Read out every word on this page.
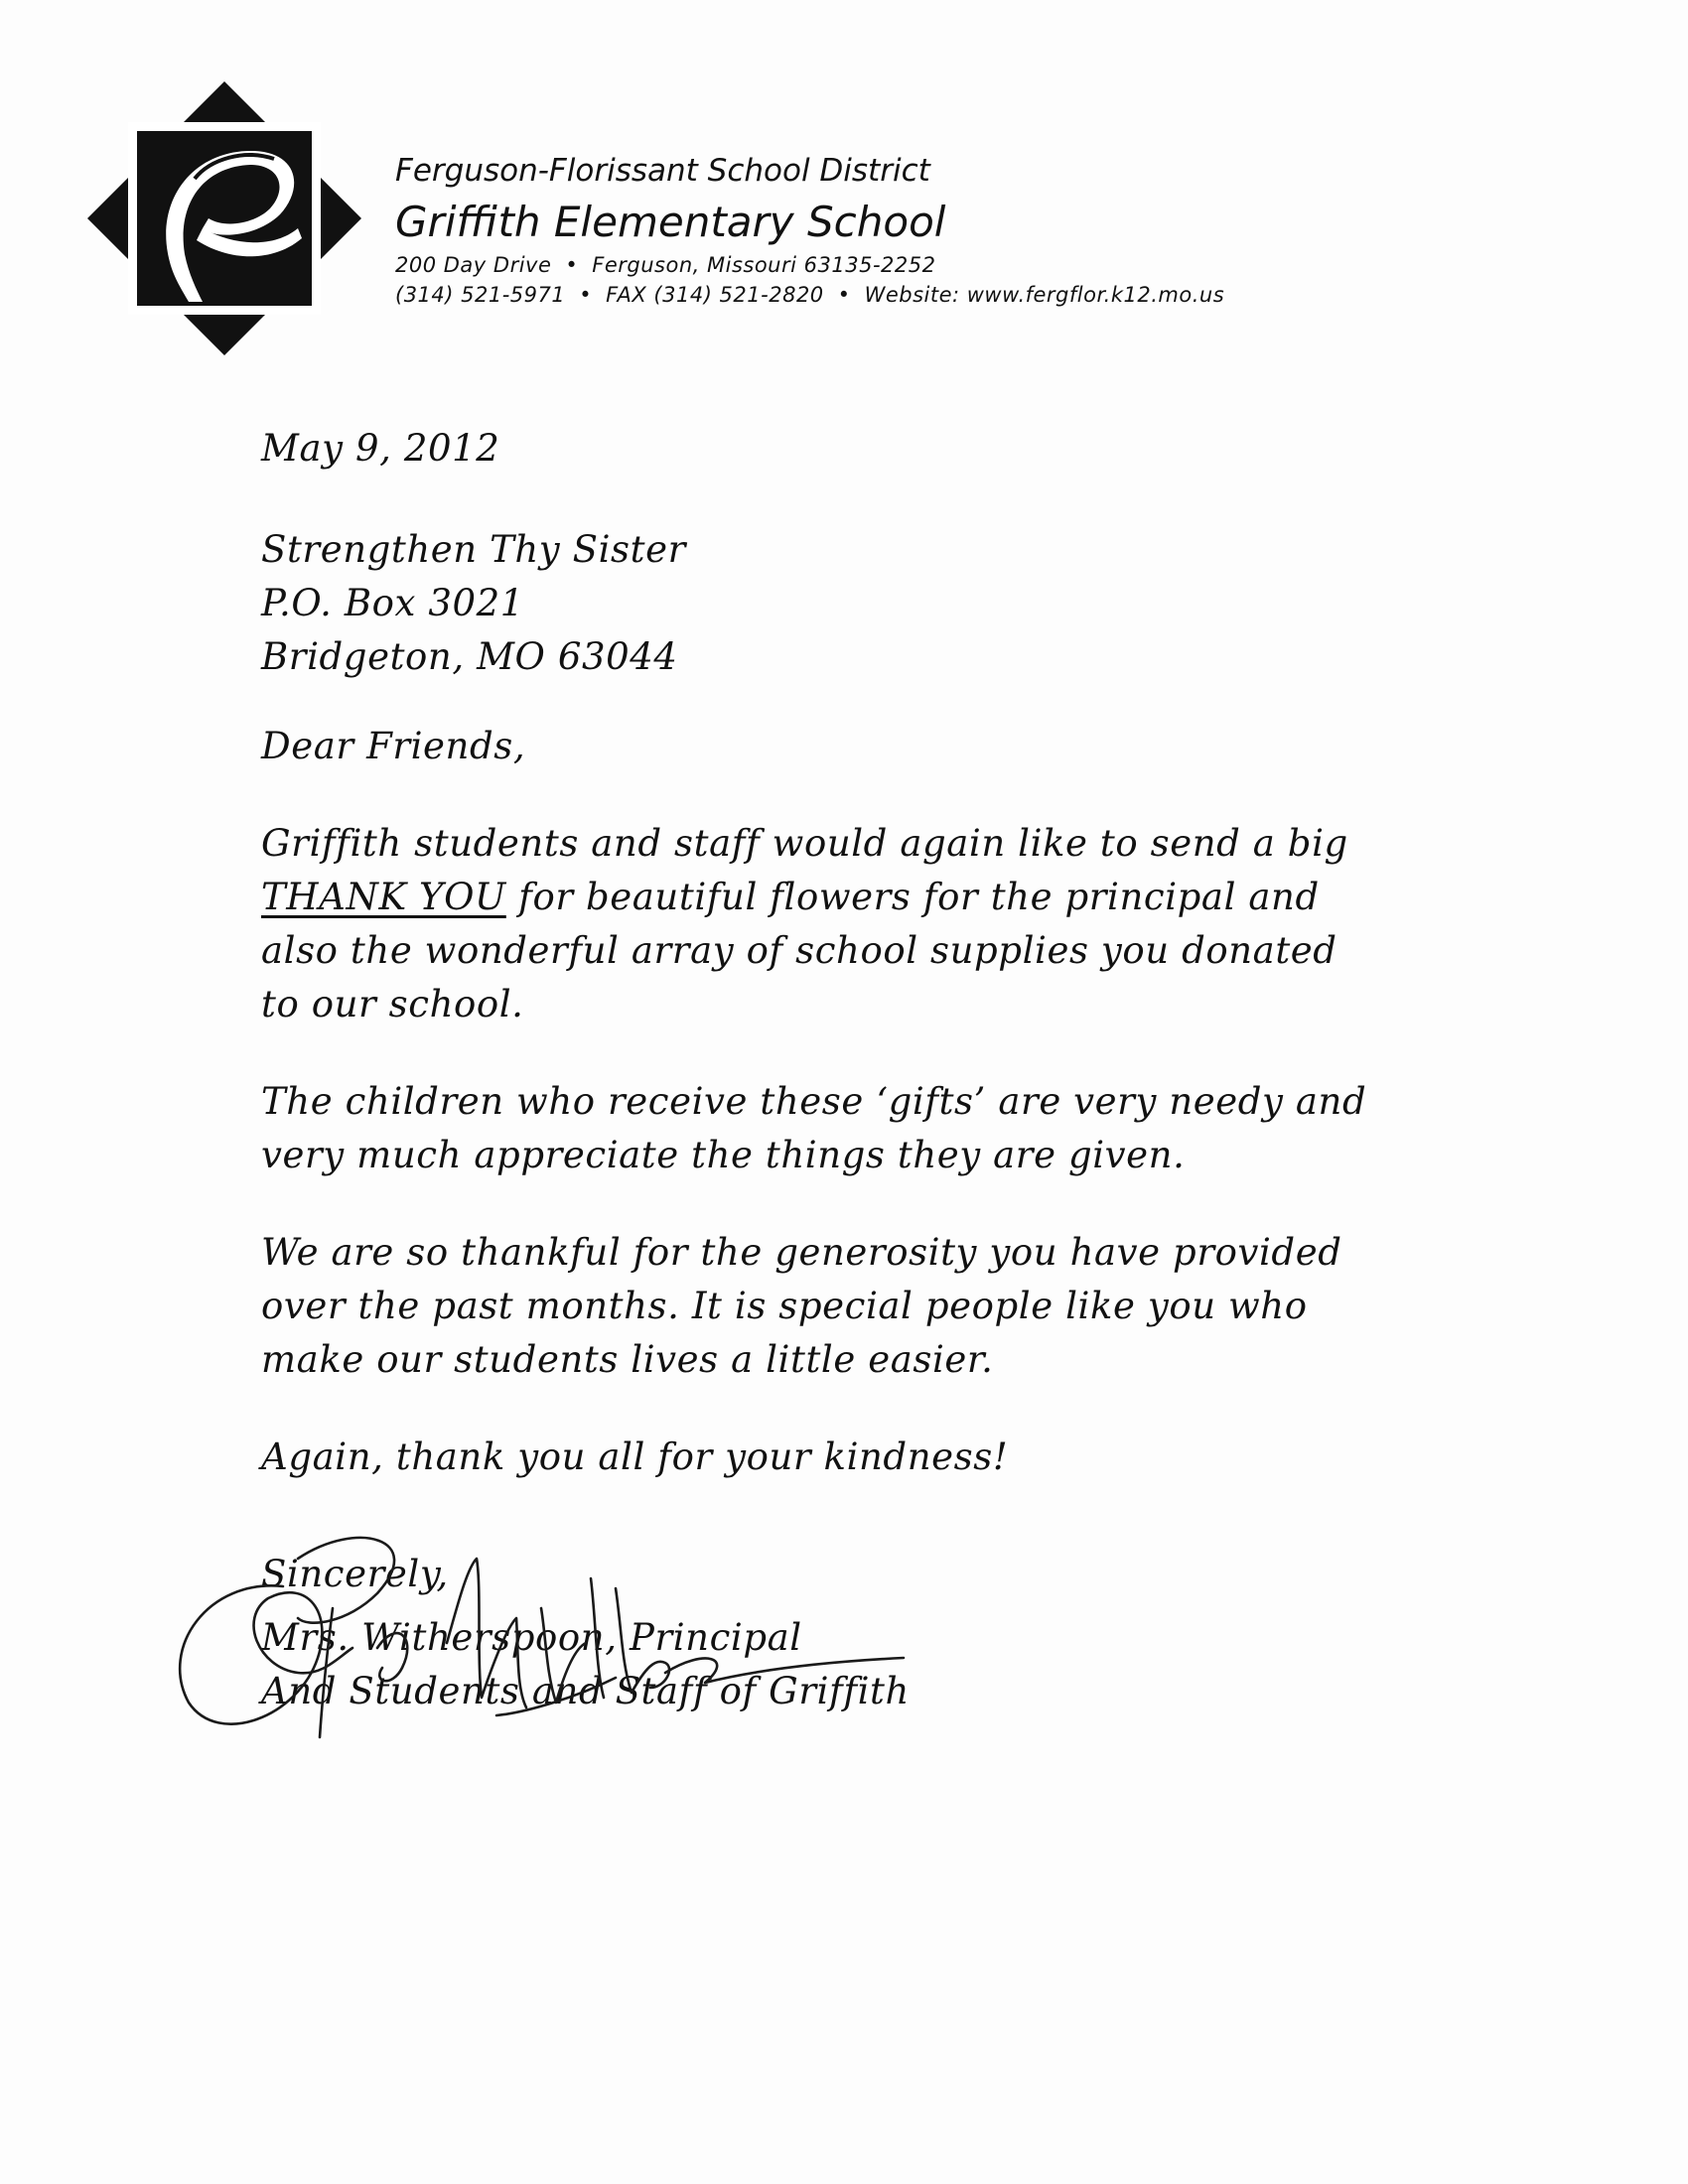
Ferguson-Florissant School District

Griffith Elementary School

200 Day Drive • Ferguson, Missouri 63135-2252

(314) 521-5971 • FAX (314) 521-2820 • Website: www.fergflor.k12.mo.us

May 9, 2012

Strengthen Thy Sister

P.O. Box 3021

Bridgeton, MO 63044

Dear Friends,

Griffith students and staff would again like to send a big
THANK YOU for beautiful flowers for the principal and
also the wonderful array of school supplies you donated
to our school.

The children who receive these ‘gifts’ are very needy and
very much appreciate the things they are given.

We are so thankful for the generosity you have provided
over the past months. It is special people like you who
make our students lives a little easier.

Again, thank you all for your kindness!

Sincerely,

Mrs. Witherspoon, Principal

And Students and Staff of Griffith
